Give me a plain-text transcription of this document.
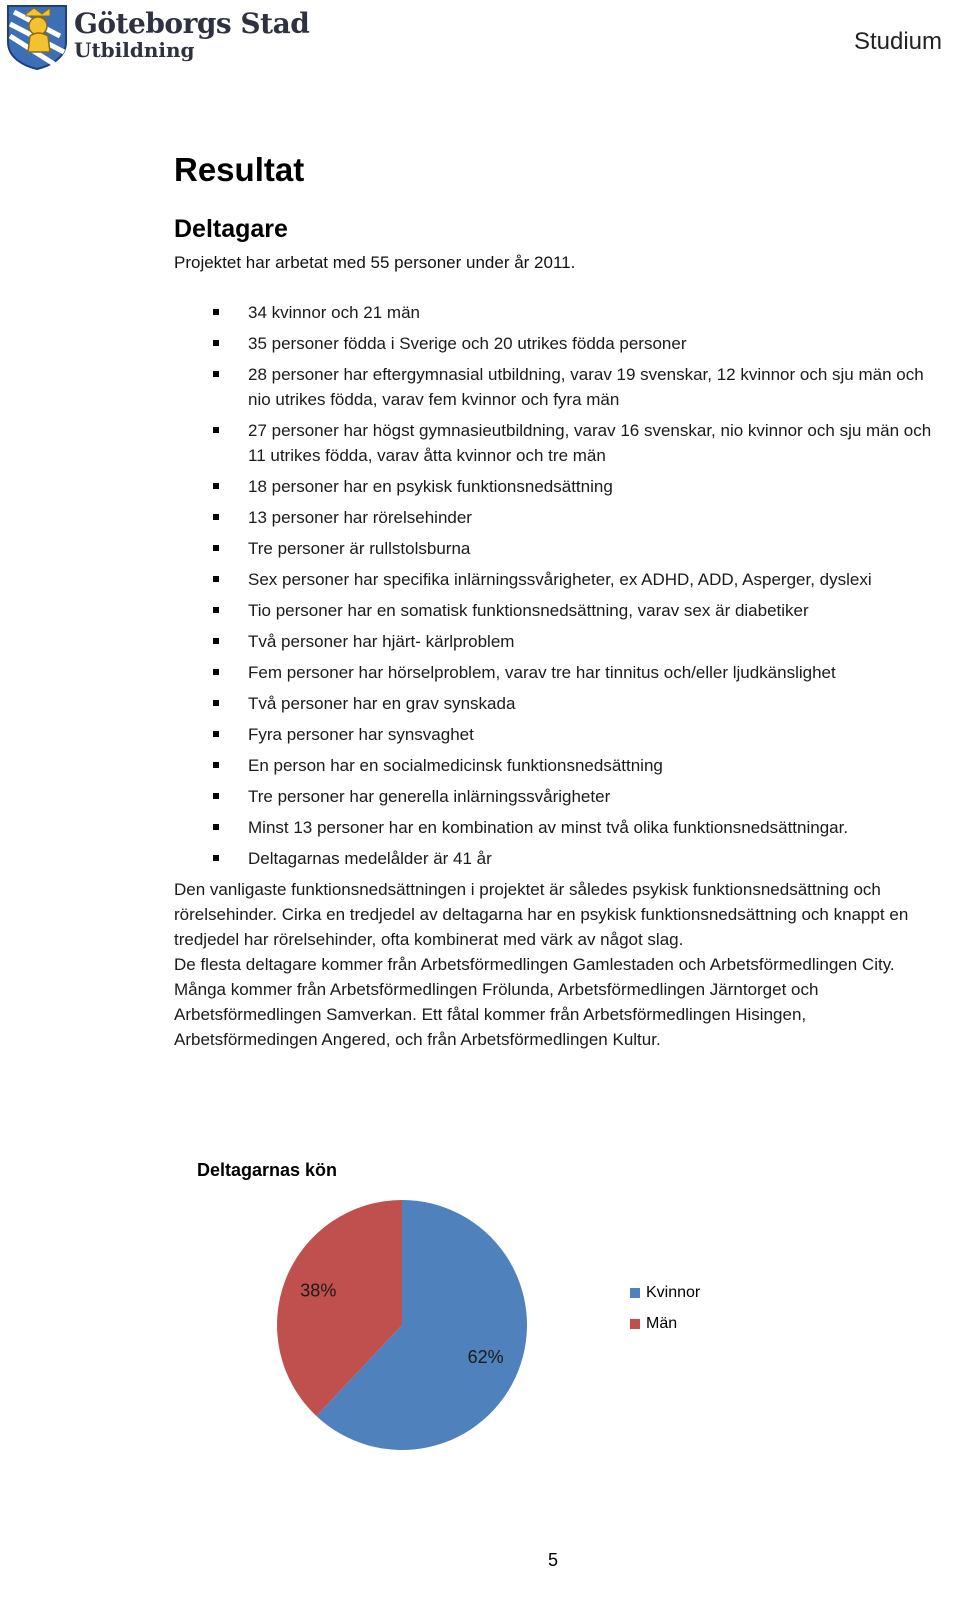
Göteborgs Stad
Utbildning	Studium
Resultat
Deltagare

Projektet har arbetat med 55 personer under år 2011.

34 kvinnor och 21 män
35 personer födda i Sverige och 20 utrikes födda personer
28 personer har eftergymnasial utbildning, varav 19 svenskar, 12 kvinnor och sju män och nio utrikes födda, varav fem kvinnor och fyra män
27 personer har högst gymnasieutbildning, varav 16 svenskar, nio kvinnor och sju män och 11 utrikes födda, varav åtta kvinnor och tre män
18 personer har en psykisk funktionsnedsättning
13 personer har rörelsehinder
Tre personer är rullstolsburna
Sex personer har specifika inlärningssvårigheter, ex ADHD, ADD, Asperger, dyslexi
Tio personer har en somatisk funktionsnedsättning, varav sex är diabetiker
Två personer har hjärt- kärlproblem
Fem personer har hörselproblem, varav tre har tinnitus och/eller ljudkänslighet
Två personer har en grav synskada
Fyra personer har synsvaghet
En person har en socialmedicinsk funktionsnedsättning
Tre personer har generella inlärningssvårigheter
Minst 13 personer har en kombination av minst två olika funktionsnedsättningar.
Deltagarnas medelålder är 41 år

Den vanligaste funktionsnedsättningen i projektet är således psykisk funktionsnedsättning och rörelsehinder. Cirka en tredjedel av deltagarna har en psykisk funktionsnedsättning och knappt en tredjedel har rörelsehinder, ofta kombinerat med värk av något slag.

De flesta deltagare kommer från Arbetsförmedlingen Gamlestaden och Arbetsförmedlingen City. Många kommer från Arbetsförmedlingen Frölunda, Arbetsförmedlingen Järntorget och Arbetsförmedlingen Samverkan. Ett fåtal kommer från Arbetsförmedlingen Hisingen, Arbetsförmedingen Angered, och från Arbetsförmedlingen Kultur.

Deltagarnas kön
62%
38%	Kvinnor
Män
5
